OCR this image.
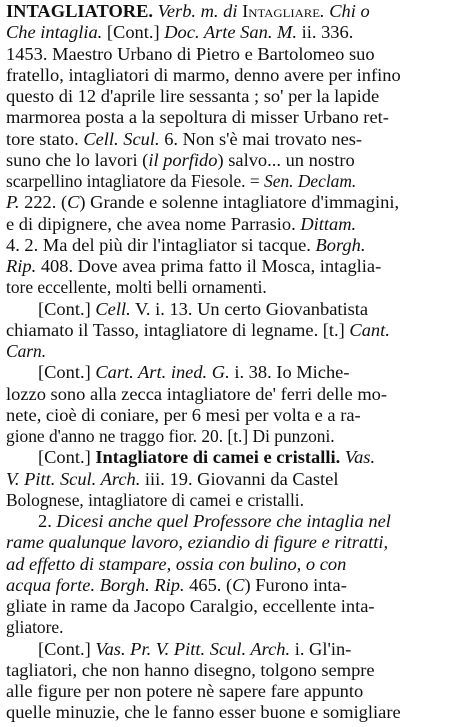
INTAGLIATORE. Verb. m. di Intagliare. Chi o
Che intaglia. [Cont.] Doc. Arte San. M. ii. 336.
1453. Maestro Urbano di Pietro e Bartolomeo suo
fratello, intagliatori di marmo, denno avere per infino
questo di 12 d'aprile lire sessanta ; so' per la lapide
marmorea posta a la sepoltura di misser Urbano ret-
tore stato. Cell. Scul. 6. Non s'è mai trovato nes-
suno che lo lavori (il porfido) salvo... un nostro
scarpellino intagliatore da Fiesole. = Sen. Declam.
P. 222. (C) Grande e solenne intagliatore d'immagini,
e di dipignere, che avea nome Parrasio. Dittam.
4. 2. Ma del più dir l'intagliator si tacque. Borgh.
Rip. 408. Dove avea prima fatto il Mosca, intaglia-
tore eccellente, molti belli ornamenti.
[Cont.] Cell. V. i. 13. Un certo Giovanbatista
chiamato il Tasso, intagliatore di legname. [t.] Cant.
Carn.
[Cont.] Cart. Art. ined. G. i. 38. Io Miche-
lozzo sono alla zecca intagliatore de' ferri delle mo-
nete, cioè di coniare, per 6 mesi per volta e a ra-
gione d'anno ne traggo fior. 20. [t.] Di punzoni.
[Cont.] Intagliatore di camei e cristalli. Vas.
V. Pitt. Scul. Arch. iii. 19. Giovanni da Castel
Bolognese, intagliatore di camei e cristalli.
2. Dicesi anche quel Professore che intaglia nel
rame qualunque lavoro, eziandio di figure e ritratti,
ad effetto di stampare, ossia con bulino, o con
acqua forte. Borgh. Rip. 465. (C) Furono inta-
gliate in rame da Jacopo Caralgio, eccellente inta-
gliatore.
[Cont.] Vas. Pr. V. Pitt. Scul. Arch. i. Gl'in-
tagliatori, che non hanno disegno, tolgono sempre
alle figure per non potere nè sapere fare appunto
quelle minuzie, che le fanno esser buone e somigliare
